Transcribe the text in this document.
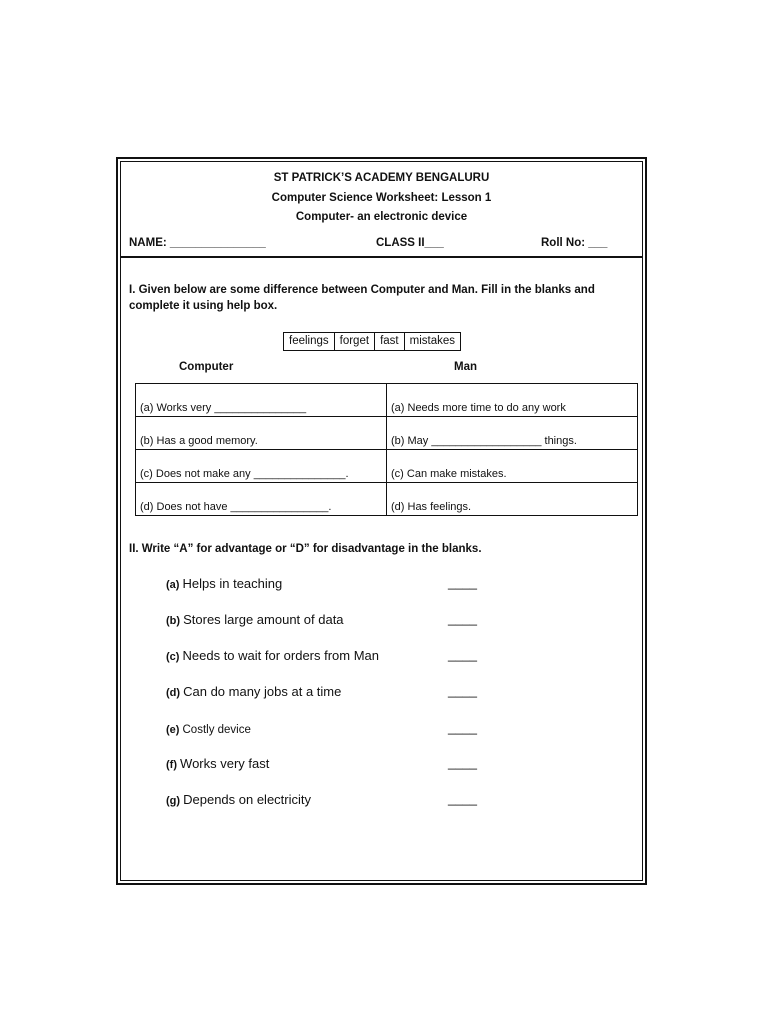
ST PATRICK’S ACADEMY BENGALURU
Computer Science Worksheet: Lesson 1
Computer- an electronic device
NAME: _______________	CLASS II___	Roll No: ___
I. Given below are some difference between Computer and Man. Fill in the blanks and complete it using help box.
feelings forget fast mistakes
Computer	Man
(a) Works very _______________	(a) Needs more time to do any work
(b) Has a good memory.	(b) May __________________ things.
(c) Does not make any _______________.	(c) Can make mistakes.
(d) Does not have ________________.	(d) Has feelings.
II. Write “A” for advantage or “D” for disadvantage in the blanks.
(a) Helps in teaching	____
(b) Stores large amount of data	____
(c) Needs to wait for orders from Man	____
(d) Can do many jobs at a time	____
(e) Costly device	____
(f) Works very fast	____
(g) Depends on electricity	____
